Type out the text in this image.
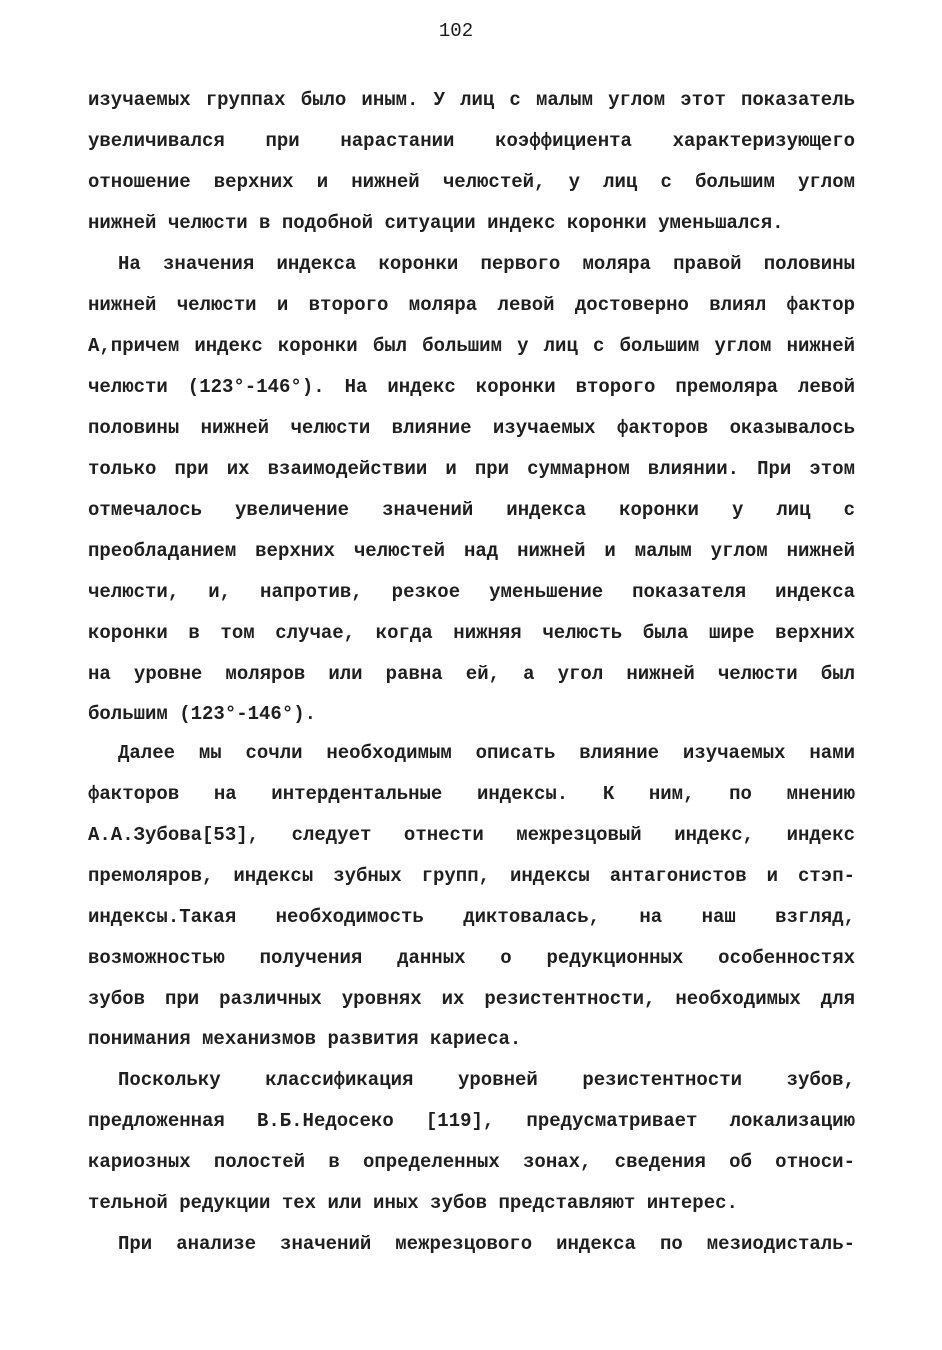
102
изучаемых группах было иным. У лиц с малым углом этот показатель
увеличивался при нарастании коэффициента характеризующего
отношение верхних и нижней челюстей, у лиц с большим углом
нижней челюсти в подобной ситуации индекс коронки уменьшался.
На значения индекса коронки первого моляра правой половины
нижней челюсти и второго моляра левой достоверно влиял фактор
А,причем индекс коронки был большим у лиц с большим углом нижней
челюсти (123°-146°). На индекс коронки второго премоляра левой
половины нижней челюсти влияние изучаемых факторов оказывалось
только при их взаимодействии и при суммарном влиянии. При этом
отмечалось увеличение значений индекса коронки у лиц с
преобладанием верхних челюстей над нижней и малым углом нижней
челюсти, и, напротив, резкое уменьшение показателя индекса
коронки в том случае, когда нижняя челюсть была шире верхних
на уровне моляров или равна ей, а угол нижней челюсти был
большим (123°-146°).
Далее мы сочли необходимым описать влияние изучаемых нами
факторов на интердентальные индексы. К ним, по мнению
А.А.Зубова[53], следует отнести межрезцовый индекс, индекс
премоляров, индексы зубных групп, индексы антагонистов и стэп-
индексы.Такая необходимость диктовалась, на наш взгляд,
возможностью получения данных о редукционных особенностях
зубов при различных уровнях их резистентности, необходимых для
понимания механизмов развития кариеса.
Поскольку классификация уровней резистентности зубов,
предложенная В.Б.Недосеко [119], предусматривает локализацию
кариозных полостей в определенных зонах, сведения об относи-
тельной редукции тех или иных зубов представляют интерес.
При анализе значений межрезцового индекса по мезиодисталь-
